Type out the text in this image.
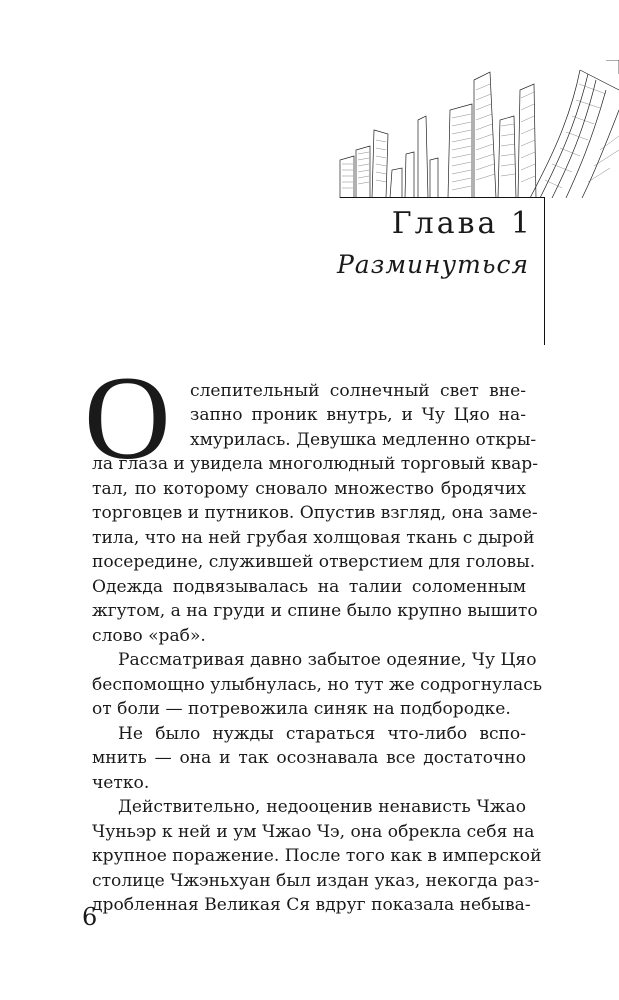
Глава 1
Разминуться
О слепительный солнечный свет вне-
запно проник внутрь, и Чу Цяо на-
хмурилась. Девушка медленно откры-
ла глаза и увидела многолюдный торговый квар-
тал, по которому сновало множество бродячих
торговцев и путников. Опустив взгляд, она заме-
тила, что на ней грубая холщовая ткань с дырой
посередине, служившей отверстием для головы.
Одежда подвязывалась на талии соломенным
жгутом, а на груди и спине было крупно вышито
слово «раб».
Рассматривая давно забытое одеяние, Чу Цяо
беспомощно улыбнулась, но тут же содрогнулась
от боли — потревожила синяк на подбородке.
Не было нужды стараться что-либо вспо-
мнить — она и так осознавала все достаточно
четко.
Действительно, недооценив ненависть Чжао
Чуньэр к ней и ум Чжао Чэ, она обрекла себя на
крупное поражение. После того как в имперской
столице Чжэньхуан был издан указ, некогда раз-
дробленная Великая Ся вдруг показала небыва-
6
